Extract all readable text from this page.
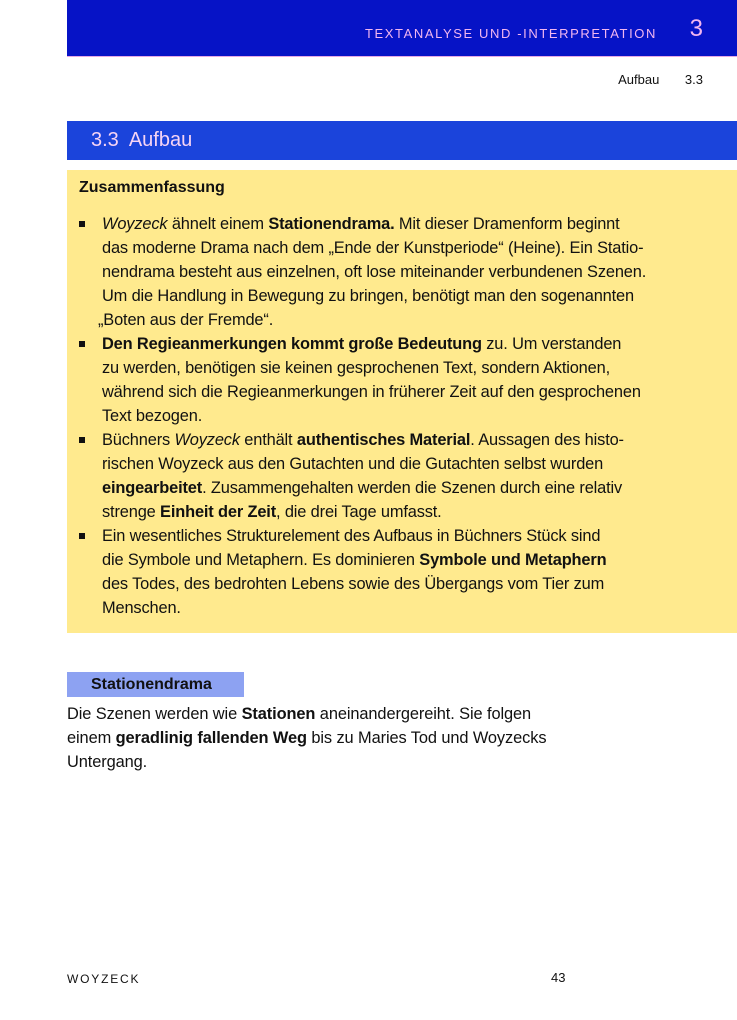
TEXTANALYSE UND -INTERPRETATION 3
Aufbau 3.3
3.3  Aufbau
Zusammenfassung
Woyzeck ähnelt einem Stationendrama. Mit dieser Dramenform beginnt
das moderne Drama nach dem „Ende der Kunstperiode“ (Heine). Ein Statio-
nendrama besteht aus einzelnen, oft lose miteinander verbundenen Szenen.
Um die Handlung in Bewegung zu bringen, benötigt man den sogenannten
„Boten aus der Fremde“.
Den Regieanmerkungen kommt große Bedeutung zu. Um verstanden
zu werden, benötigen sie keinen gesprochenen Text, sondern Aktionen,
während sich die Regieanmerkungen in früherer Zeit auf den gesprochenen
Text bezogen.
Büchners Woyzeck enthält authentisches Material. Aussagen des histo-
rischen Woyzeck aus den Gutachten und die Gutachten selbst wurden
eingearbeitet. Zusammengehalten werden die Szenen durch eine relativ
strenge Einheit der Zeit, die drei Tage umfasst.
Ein wesentliches Strukturelement des Aufbaus in Büchners Stück sind
die Symbole und Metaphern. Es dominieren Symbole und Metaphern
des Todes, des bedrohten Lebens sowie des Übergangs vom Tier zum
Menschen.
Stationendrama
Die Szenen werden wie Stationen aneinandergereiht. Sie folgen
einem geradlinig fallenden Weg bis zu Maries Tod und Woyzecks
Untergang.
WOYZECK	43
